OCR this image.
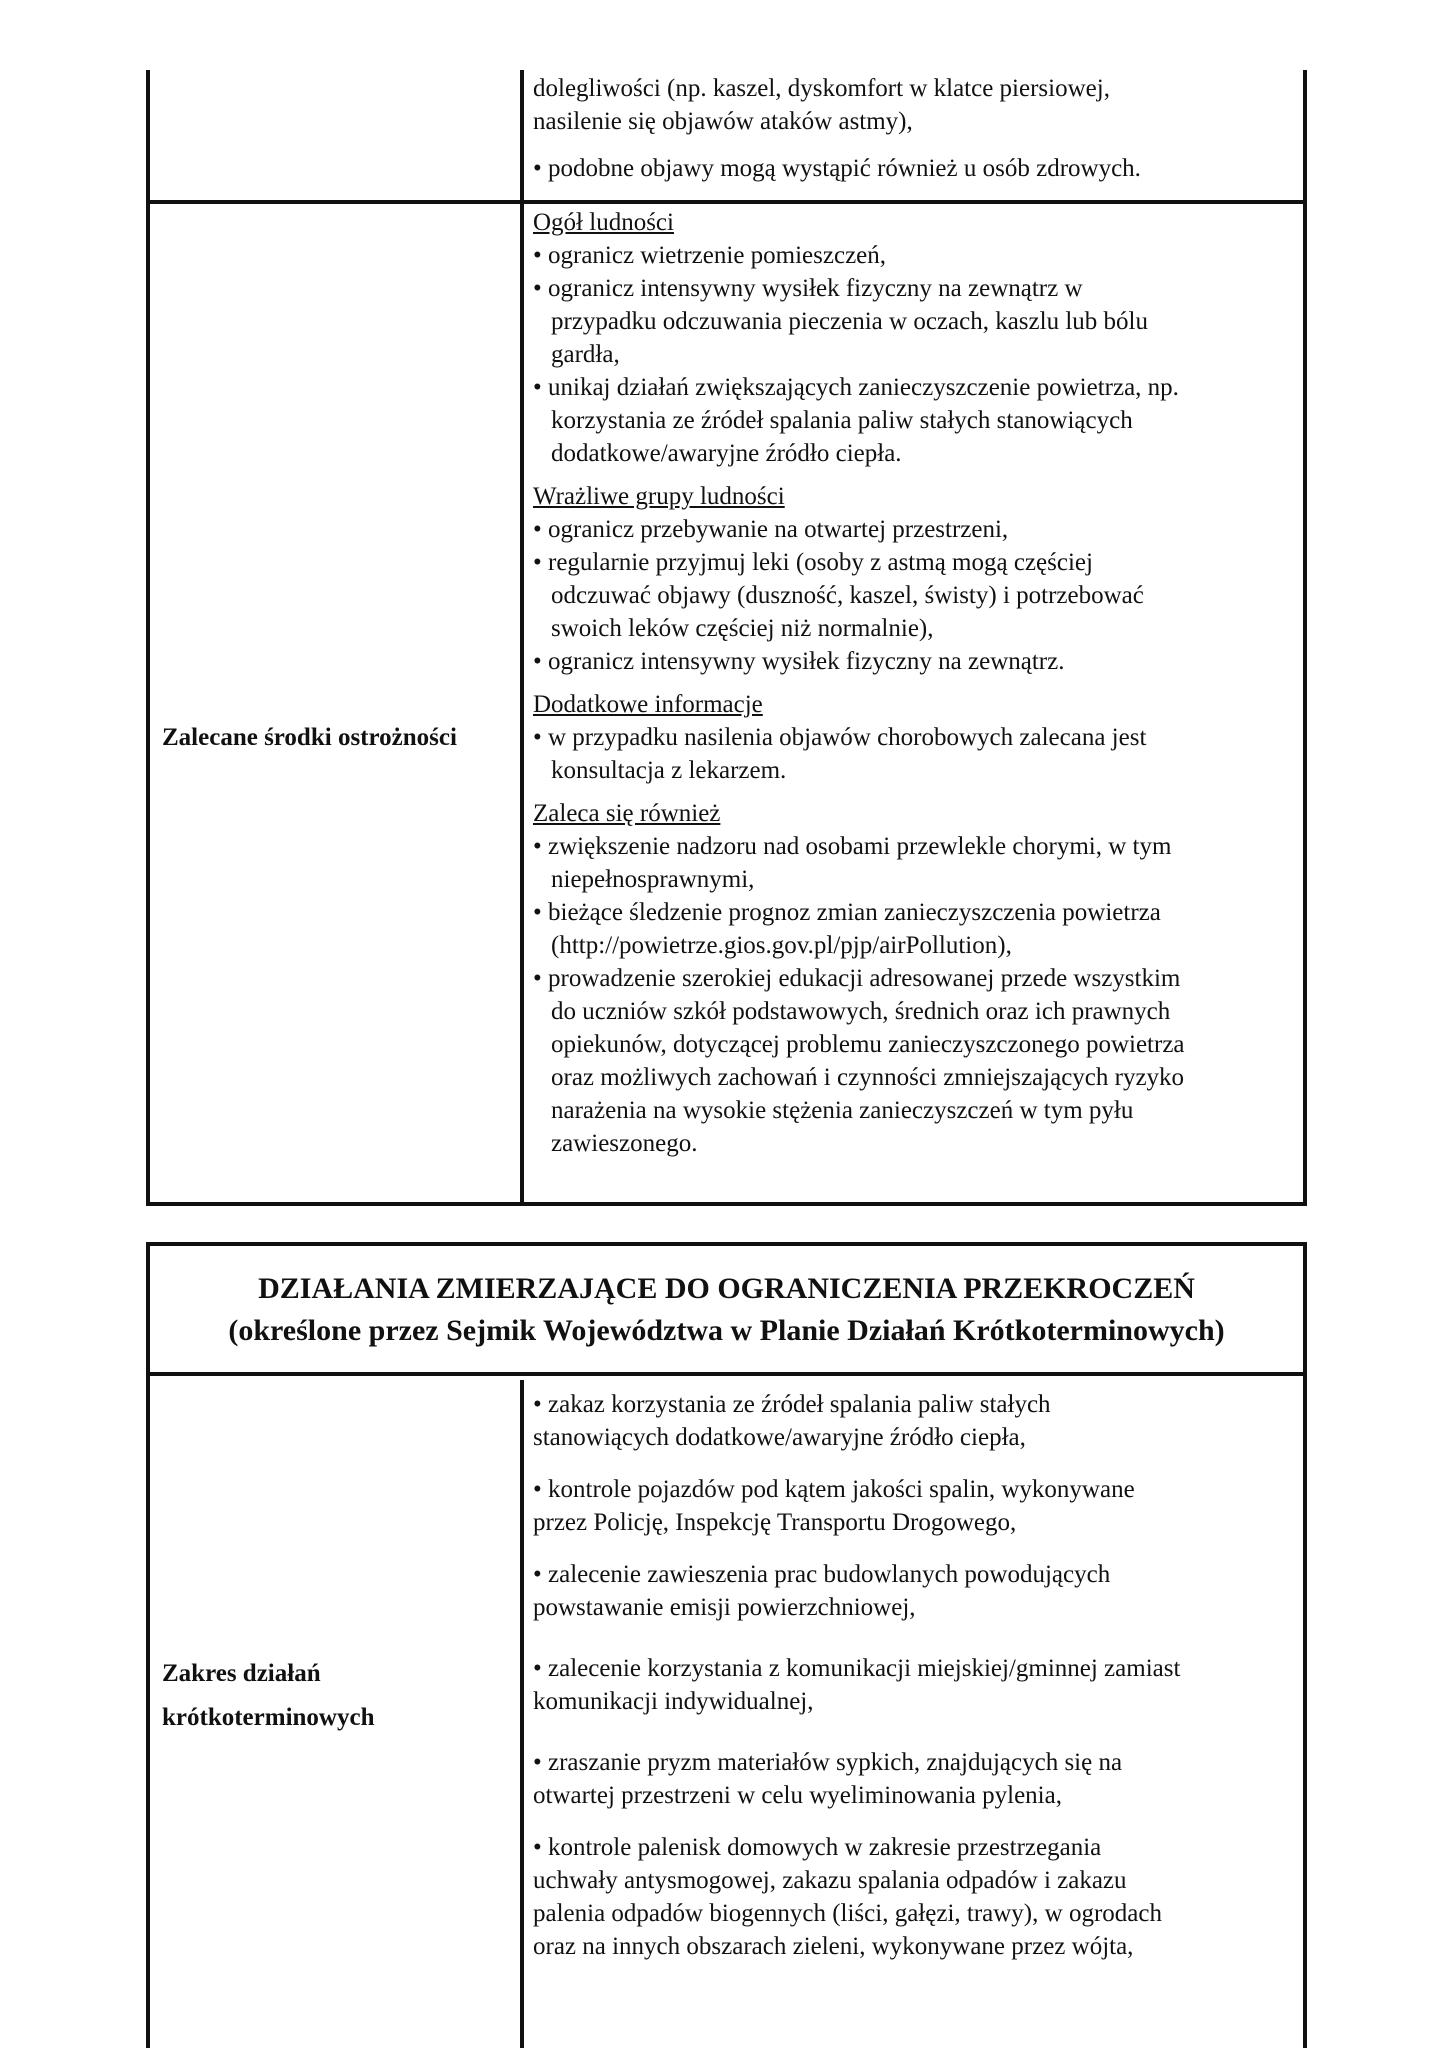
dolegliwości (np. kaszel, dyskomfort w klatce piersiowej,
nasilenie się objawów ataków astmy),
• podobne objawy mogą wystąpić również u osób zdrowych.
Zalecane środki ostrożności
Ogół ludności
• ogranicz wietrzenie pomieszczeń,
• ogranicz intensywny wysiłek fizyczny na zewnątrz w
przypadku odczuwania pieczenia w oczach, kaszlu lub bólu
gardła,
• unikaj działań zwiększających zanieczyszczenie powietrza, np.
korzystania ze źródeł spalania paliw stałych stanowiących
dodatkowe/awaryjne źródło ciepła.
Wrażliwe grupy ludności
• ogranicz przebywanie na otwartej przestrzeni,
• regularnie przyjmuj leki (osoby z astmą mogą częściej
odczuwać objawy (duszność, kaszel, świsty) i potrzebować
swoich leków częściej niż normalnie),
• ogranicz intensywny wysiłek fizyczny na zewnątrz.
Dodatkowe informacje
• w przypadku nasilenia objawów chorobowych zalecana jest
konsultacja z lekarzem.
Zaleca się również
• zwiększenie nadzoru nad osobami przewlekle chorymi, w tym
niepełnosprawnymi,
• bieżące śledzenie prognoz zmian zanieczyszczenia powietrza
(http://powietrze.gios.gov.pl/pjp/airPollution),
• prowadzenie szerokiej edukacji adresowanej przede wszystkim
do uczniów szkół podstawowych, średnich oraz ich prawnych
opiekunów, dotyczącej problemu zanieczyszczonego powietrza
oraz możliwych zachowań i czynności zmniejszających ryzyko
narażenia na wysokie stężenia zanieczyszczeń w tym pyłu
zawieszonego.
DZIAŁANIA ZMIERZAJĄCE DO OGRANICZENIA PRZEKROCZEŃ
(określone przez Sejmik Województwa w Planie Działań Krótkoterminowych)
Zakres działań
krótkoterminowych
• zakaz korzystania ze źródeł spalania paliw stałych
stanowiących dodatkowe/awaryjne źródło ciepła,
• kontrole pojazdów pod kątem jakości spalin, wykonywane
przez Policję, Inspekcję Transportu Drogowego,
• zalecenie zawieszenia prac budowlanych powodujących
powstawanie emisji powierzchniowej,
• zalecenie korzystania z komunikacji miejskiej/gminnej zamiast
komunikacji indywidualnej,
• zraszanie pryzm materiałów sypkich, znajdujących się na
otwartej przestrzeni w celu wyeliminowania pylenia,
• kontrole palenisk domowych w zakresie przestrzegania
uchwały antysmogowej, zakazu spalania odpadów i zakazu
palenia odpadów biogennych (liści, gałęzi, trawy), w ogrodach
oraz na innych obszarach zieleni, wykonywane przez wójta,
